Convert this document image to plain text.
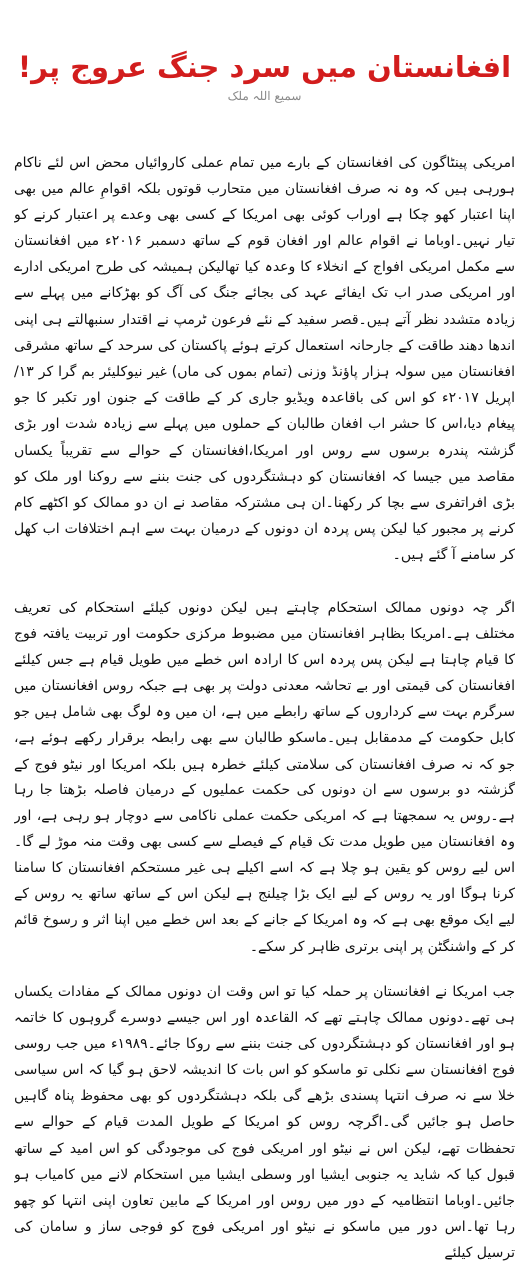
افغانستان میں سرد جنگ عروج پر!
سمیع اللہ ملک

امریکی پینٹاگون کی افغانستان کے بارے میں تمام عملی کاروائیاں محض اس لئے ناکام ہورہی ہیں کہ وہ نہ صرف افغانستان میں متحارب قوتوں بلکہ اقوامِ عالم میں بھی اپنا اعتبار کھو چکا ہے اوراب کوئی بھی امریکا کے کسی بھی وعدے پر اعتبار کرنے کو تیار نہیں۔اوباما نے اقوام عالم اور افغان قوم کے ساتھ دسمبر ۲۰۱۶ء میں افغانستان سے مکمل امریکی افواج کے انخلاء کا وعدہ کیا تھالیکن ہمیشہ کی طرح امریکی ادارے اور امریکی صدر اب تک ایفائے عہد کی بجائے جنگ کی آگ کو بھڑکانے میں پہلے سے زیادہ متشدد نظر آتے ہیں۔قصر سفید کے نئے فرعون ٹرمپ نے اقتدار سنبھالتے ہی اپنی اندھا دھند طاقت کے جارحانہ استعمال کرتے ہوئے پاکستان کی سرحد کے ساتھ مشرقی افغانستان میں سولہ ہزار پاؤنڈ وزنی (تمام بموں کی ماں) غیر نیوکلیئر بم گرا کر ۱۳/اپریل ۲۰۱۷ء کو اس کی باقاعدہ ویڈیو جاری کر کے طاقت کے جنون اور تکبر کا جو پیغام دیا،اس کا حشر اب افغان طالبان کے حملوں میں پہلے سے زیادہ شدت اور بڑی

گزشتہ پندرہ برسوں سے روس اور امریکا،افغانستان کے حوالے سے تقریباً یکساں مقاصد میں جیسا کہ افغانستان کو دہشتگردوں کی جنت بننے سے روکنا اور ملک کو بڑی افراتفری سے بچا کر رکھنا۔ان ہی مشترکہ مقاصد نے ان دو ممالک کو اکٹھے کام کرنے پر مجبور کیا لیکن پس پردہ ان دونوں کے درمیان بہت سے اہم اختلافات اب کھل کر سامنے آ گئے ہیں۔

اگر چہ دونوں ممالک استحکام چاہتے ہیں لیکن دونوں کیلئے استحکام کی تعریف مختلف ہے۔امریکا بظاہر افغانستان میں مضبوط مرکزی حکومت اور تربیت یافتہ فوج کا قیام چاہتا ہے لیکن پس پردہ اس کا ارادہ اس خطے میں طویل قیام ہے جس کیلئے افغانستان کی قیمتی اور بے تحاشہ معدنی دولت پر بھی ہے جبکہ روس افغانستان میں سرگرم بہت سے کرداروں کے ساتھ رابطے میں ہے، ان میں وہ لوگ بھی شامل ہیں جو کابل حکومت کے مدمقابل ہیں۔ماسکو طالبان سے بھی رابطہ برقرار رکھے ہوئے ہے، جو کہ نہ صرف افغانستان کی سلامتی کیلئے خطرہ ہیں بلکہ امریکا اور نیٹو فوج کے

گزشتہ دو برسوں سے ان دونوں کی حکمت عملیوں کے درمیان فاصلہ بڑھتا جا رہا ہے۔روس یہ سمجھتا ہے کہ امریکی حکمت عملی ناکامی سے دوچار ہو رہی ہے، اور وہ افغانستان میں طویل مدت تک قیام کے فیصلے سے کسی بھی وقت منہ موڑ لے گا۔اس لیے روس کو یقین ہو چلا ہے کہ اسے اکیلے ہی غیر مستحکم افغانستان کا سامنا کرنا ہوگا اور یہ روس کے لیے ایک بڑا چیلنج ہے لیکن اس کے ساتھ ساتھ یہ روس کے لیے ایک موقع بھی ہے کہ وہ امریکا کے جانے کے بعد اس خطے میں اپنا اثر و رسوخ قائم کر کے واشنگٹن پر اپنی برتری ظاہر کر سکے۔

جب امریکا نے افغانستان پر حملہ کیا تو اس وقت ان دونوں ممالک کے مفادات یکساں ہی تھے۔دونوں ممالک چاہتے تھے کہ القاعدہ اور اس جیسے دوسرے گروہوں کا خاتمہ ہو اور افغانستان کو دہشتگردوں کی جنت بننے سے روکا جائے۔۱۹۸۹ء میں جب روسی فوج افغانستان سے نکلی تو ماسکو کو اس بات کا اندیشہ لاحق ہو گیا کہ اس سیاسی خلا سے نہ صرف انتہا پسندی بڑھے گی بلکہ دہشتگردوں کو بھی محفوظ پناہ گاہیں حاصل ہو جائیں گی۔اگرچہ روس کو امریکا کے طویل المدت قیام کے حوالے سے تحفظات تھے، لیکن اس نے نیٹو اور امریکی فوج کی موجودگی کو اس امید کے ساتھ قبول کیا کہ شاید یہ جنوبی ایشیا اور وسطی ایشیا میں استحکام لانے میں کامیاب ہو جائیں۔اوباما انتظامیہ کے دور میں روس اور امریکا کے مابین تعاون اپنی انتہا کو چھو رہا تھا۔اس دور میں ماسکو نے نیٹو اور امریکی فوج کو فوجی ساز و سامان کی ترسیل کیلئے
